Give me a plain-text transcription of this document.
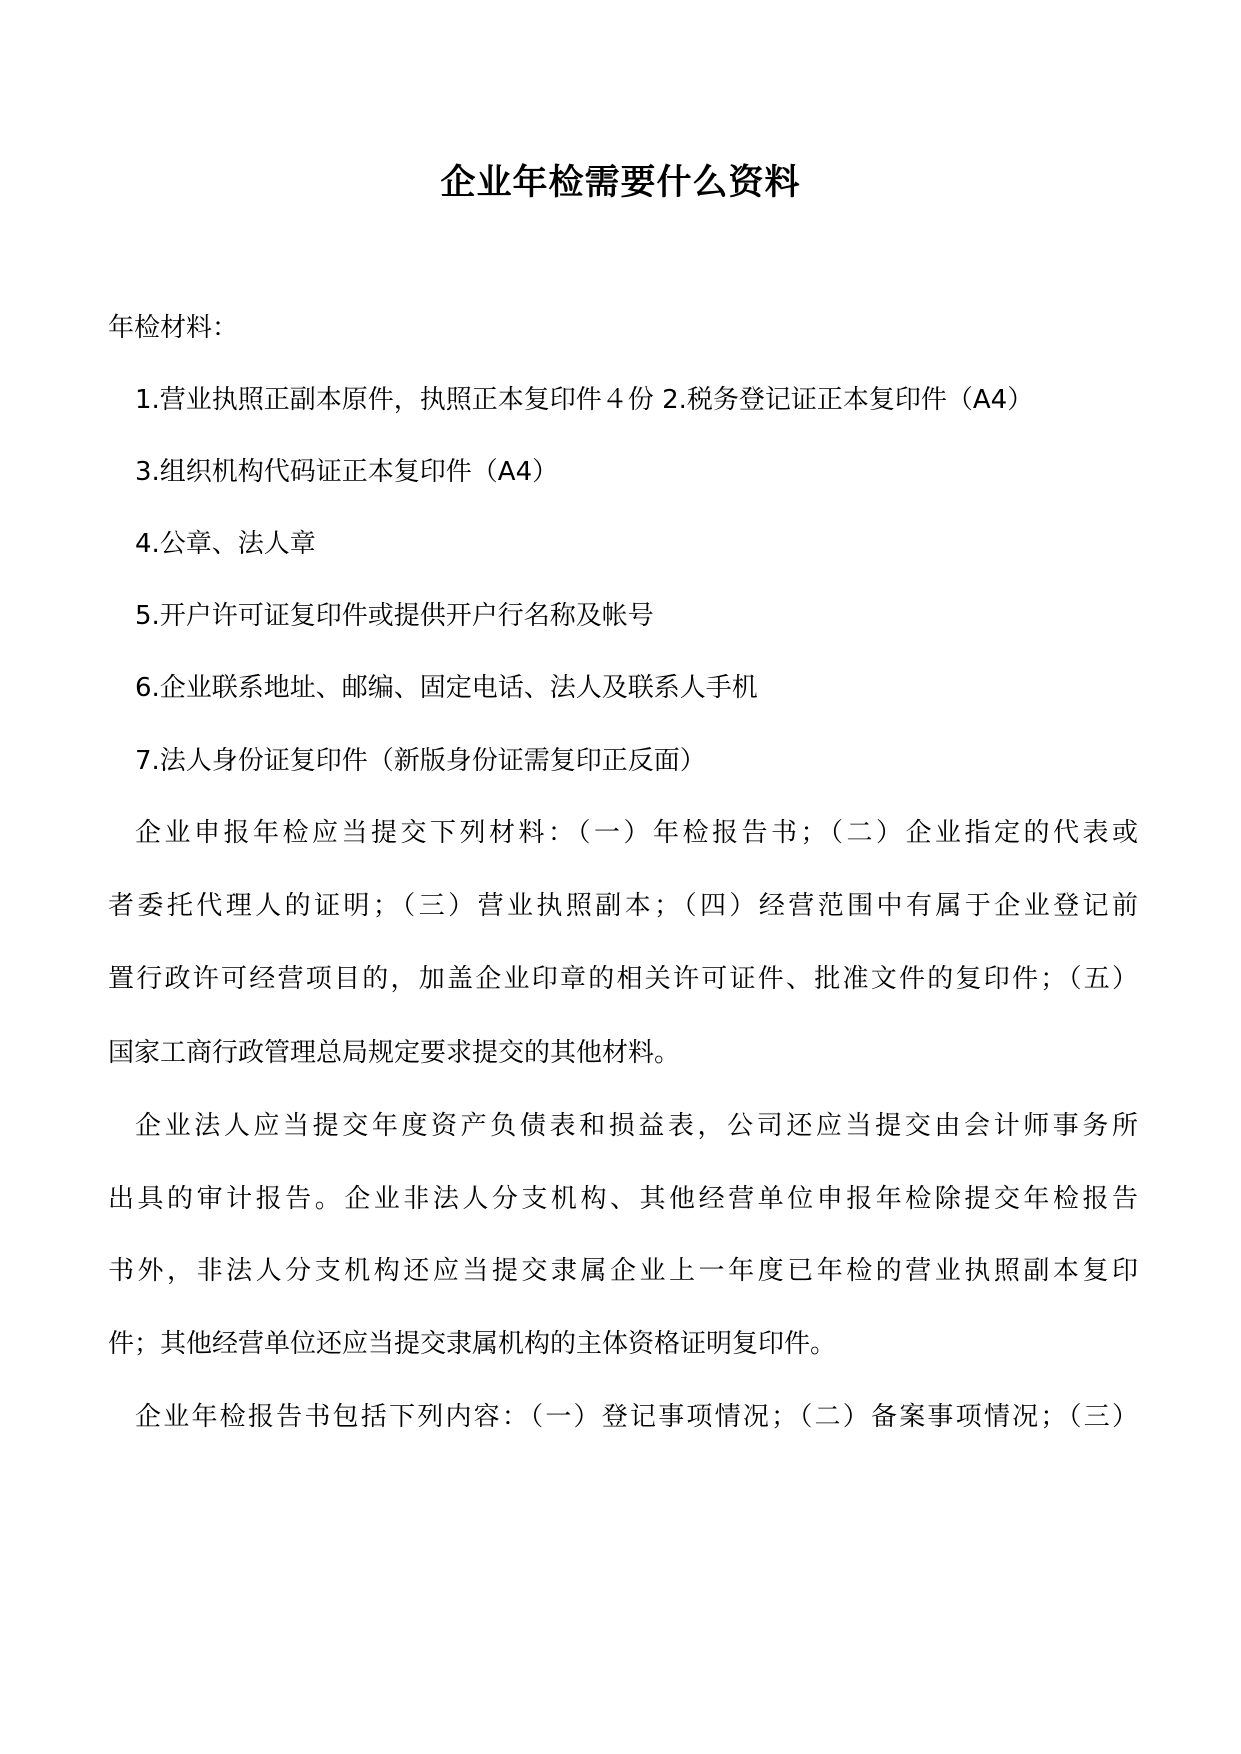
企业年检需要什么资料

年检材料：

1.营业执照正副本原件，执照正本复印件４份 2.税务登记证正本复印件（A4）

3.组织机构代码证正本复印件（A4）

4.公章、法人章

5.开户许可证复印件或提供开户行名称及帐号

6.企业联系地址、邮编、固定电话、法人及联系人手机

7.法人身份证复印件（新版身份证需复印正反面）

企业申报年检应当提交下列材料：（一）年检报告书；（二）企业指定的代表或

者委托代理人的证明；（三）营业执照副本；（四）经营范围中有属于企业登记前

置行政许可经营项目的，加盖企业印章的相关许可证件、批准文件的复印件；（五）

国家工商行政管理总局规定要求提交的其他材料。

企业法人应当提交年度资产负债表和损益表，公司还应当提交由会计师事务所

出具的审计报告。企业非法人分支机构、其他经营单位申报年检除提交年检报告

书外，非法人分支机构还应当提交隶属企业上一年度已年检的营业执照副本复印

件；其他经营单位还应当提交隶属机构的主体资格证明复印件。

企业年检报告书包括下列内容：（一）登记事项情况；（二）备案事项情况；（三）
